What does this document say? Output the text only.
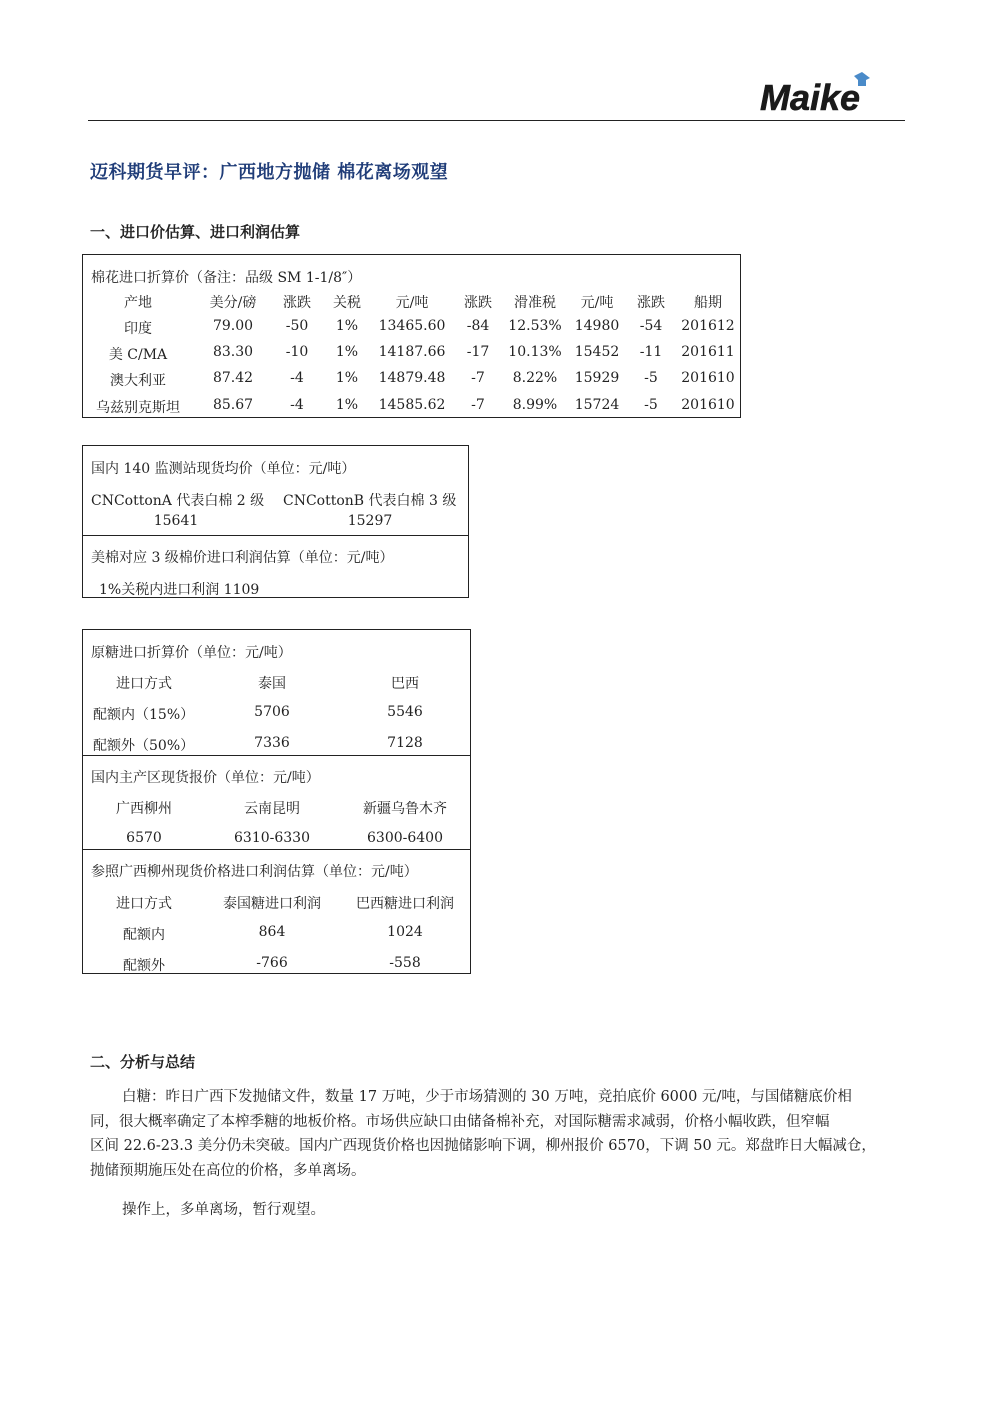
Maike
迈科期货早评：广西地方抛储 棉花离场观望
一、进口价估算、进口利润估算
棉花进口折算价（备注：品级 SM 1-1/8″）
产地	美分/磅 涨跌 关税 元/吨	涨跌 滑准税 元/吨 涨跌 船期
印度	79.00 -50 1% 13465.60 -84 12.53% 14980 -54 201612
美 C/MA	83.30 -10 1% 14187.66 -17 10.13% 15452 -11 201611
澳大利亚	87.42	-4 1% 14879.48 -7 8.22% 15929 -5 201610
乌兹别克斯坦 85.67	-4 1% 14585.62 -7 8.99% 15724 -5 201610
国内 140 监测站现货均价（单位：元/吨）
CNCottonA 代表白棉 2 级
15641
CNCottonB 代表白棉 3 级
15297
美棉对应 3 级棉价进口利润估算（单位：元/吨）
1%关税内进口利润 1109
原糖进口折算价（单位：元/吨）
进口方式	泰国	巴西
配额内（15%）	5706	5546
配额外（50%）	7336	7128
国内主产区现货报价（单位：元/吨）
广西柳州	云南昆明	新疆乌鲁木齐
6570	6310-6330	6300-6400
参照广西柳州现货价格进口利润估算（单位：元/吨）
进口方式	泰国糖进口利润	巴西糖进口利润
配额内	864	1024
配额外	-766	-558
二、分析与总结
白糖：昨日广西下发抛储文件，数量 17 万吨，少于市场猜测的 30 万吨，竞拍底价 6000 元/吨，与国储糖底价相
同，很大概率确定了本榨季糖的地板价格。市场供应缺口由储备棉补充，对国际糖需求减弱，价格小幅收跌，但窄幅
区间 22.6-23.3 美分仍未突破。国内广西现货价格也因抛储影响下调，柳州报价 6570，下调 50 元。郑盘昨日大幅减仓，
抛储预期施压处在高位的价格，多单离场。
操作上，多单离场，暂行观望。
